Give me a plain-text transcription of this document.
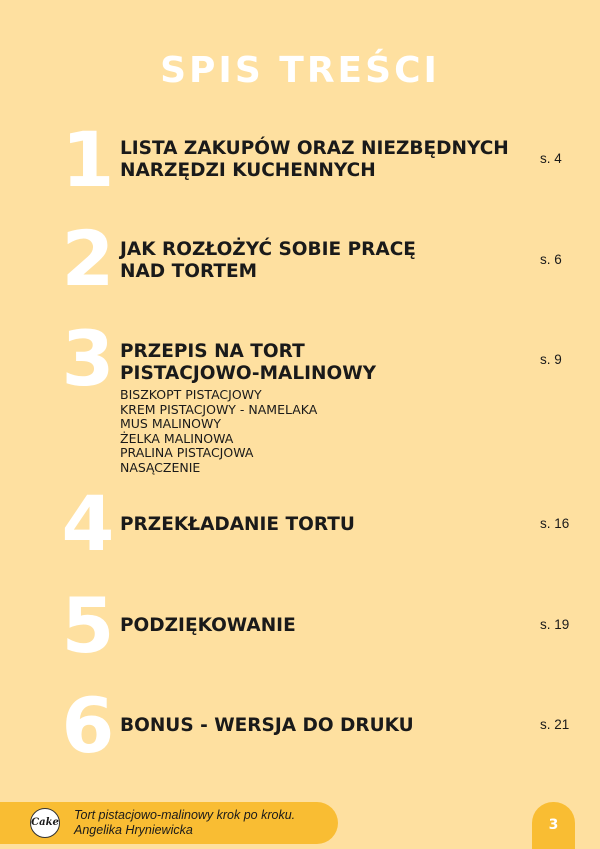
SPIS TREŚCI
1 LISTA ZAKUPÓW ORAZ NIEZBĘDNYCH
NARZĘDZI KUCHENNYCH
s. 4
2 JAK ROZŁOŻYĆ SOBIE PRACĘ
NAD TORTEM
s. 6
3 PRZEPIS NA TORT
PISTACJOWO-MALINOWY
BISZKOPT PISTACJOWY
KREM PISTACJOWY - NAMELAKA
MUS MALINOWY
ŻELKA MALINOWA
PRALINA PISTACJOWA
NASĄCZENIE
s. 9
4 PRZEKŁADANIE TORTU	s. 16
5 PODZIĘKOWANIE	s. 19
6 BONUS - WERSJA DO DRUKU	s. 21
Cake
Tort pistacjowo-malinowy krok po kroku.
Angelika Hryniewicka	3
